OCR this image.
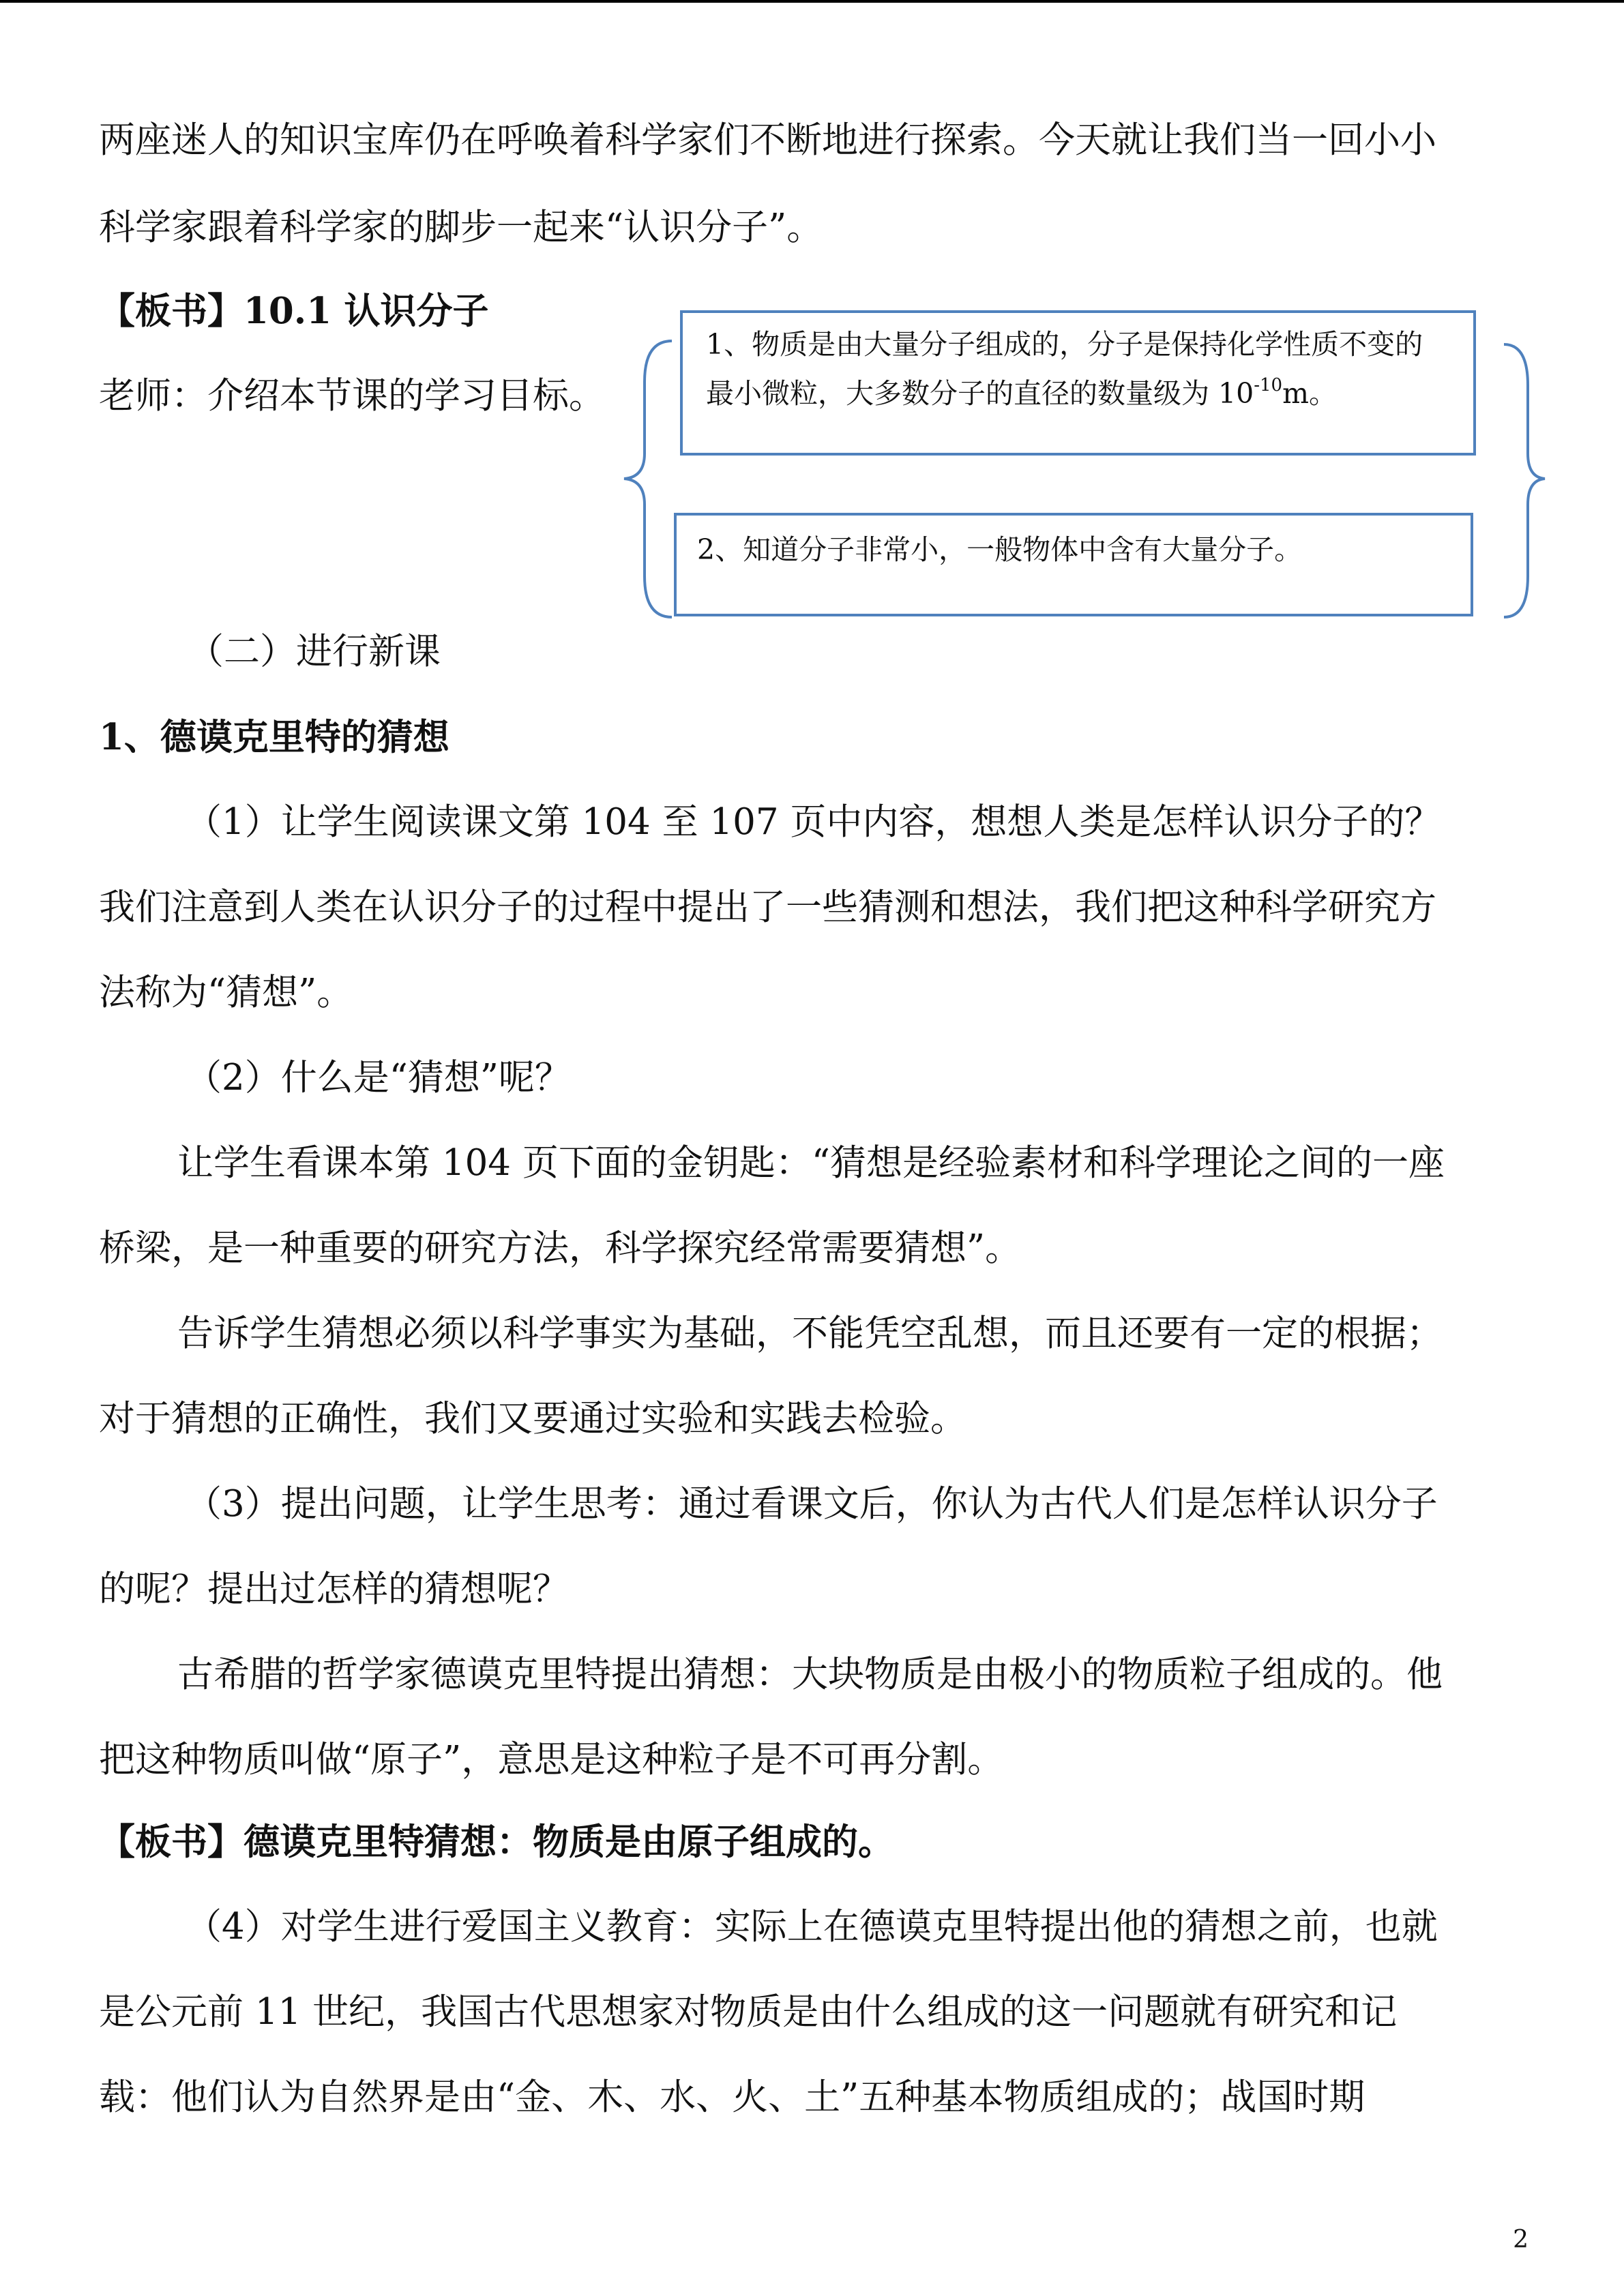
两座迷人的知识宝库仍在呼唤着科学家们不断地进行探索。今天就让我们当一回小小
科学家跟着科学家的脚步一起来“认识分子”。
【板书】10.1 认识分子
老师：介绍本节课的学习目标。
1、物质是由大量分子组成的，分子是保持化学性质不变的
最小微粒，大多数分子的直径的数量级为 $10^{-10}m$。
2、知道分子非常小，一般物体中含有大量分子。
（二）进行新课
1、德谟克里特的猜想
（1）让学生阅读课文第 104 至 107 页中内容，想想人类是怎样认识分子的？
我们注意到人类在认识分子的过程中提出了一些猜测和想法，我们把这种科学研究方
法称为“猜想”。
（2）什么是“猜想”呢？
让学生看课本第 104 页下面的金钥匙：“猜想是经验素材和科学理论之间的一座
桥梁，是一种重要的研究方法，科学探究经常需要猜想”。
告诉学生猜想必须以科学事实为基础，不能凭空乱想，而且还要有一定的根据；
对于猜想的正确性，我们又要通过实验和实践去检验。
（3）提出问题，让学生思考：通过看课文后，你认为古代人们是怎样认识分子
的呢？提出过怎样的猜想呢？
古希腊的哲学家德谟克里特提出猜想：大块物质是由极小的物质粒子组成的。他
把这种物质叫做“原子”，意思是这种粒子是不可再分割。
【板书】德谟克里特猜想：物质是由原子组成的。
（4）对学生进行爱国主义教育：实际上在德谟克里特提出他的猜想之前，也就
是公元前 11 世纪，我国古代思想家对物质是由什么组成的这一问题就有研究和记
载：他们认为自然界是由“金、木、水、火、土”五种基本物质组成的；战国时期
2
